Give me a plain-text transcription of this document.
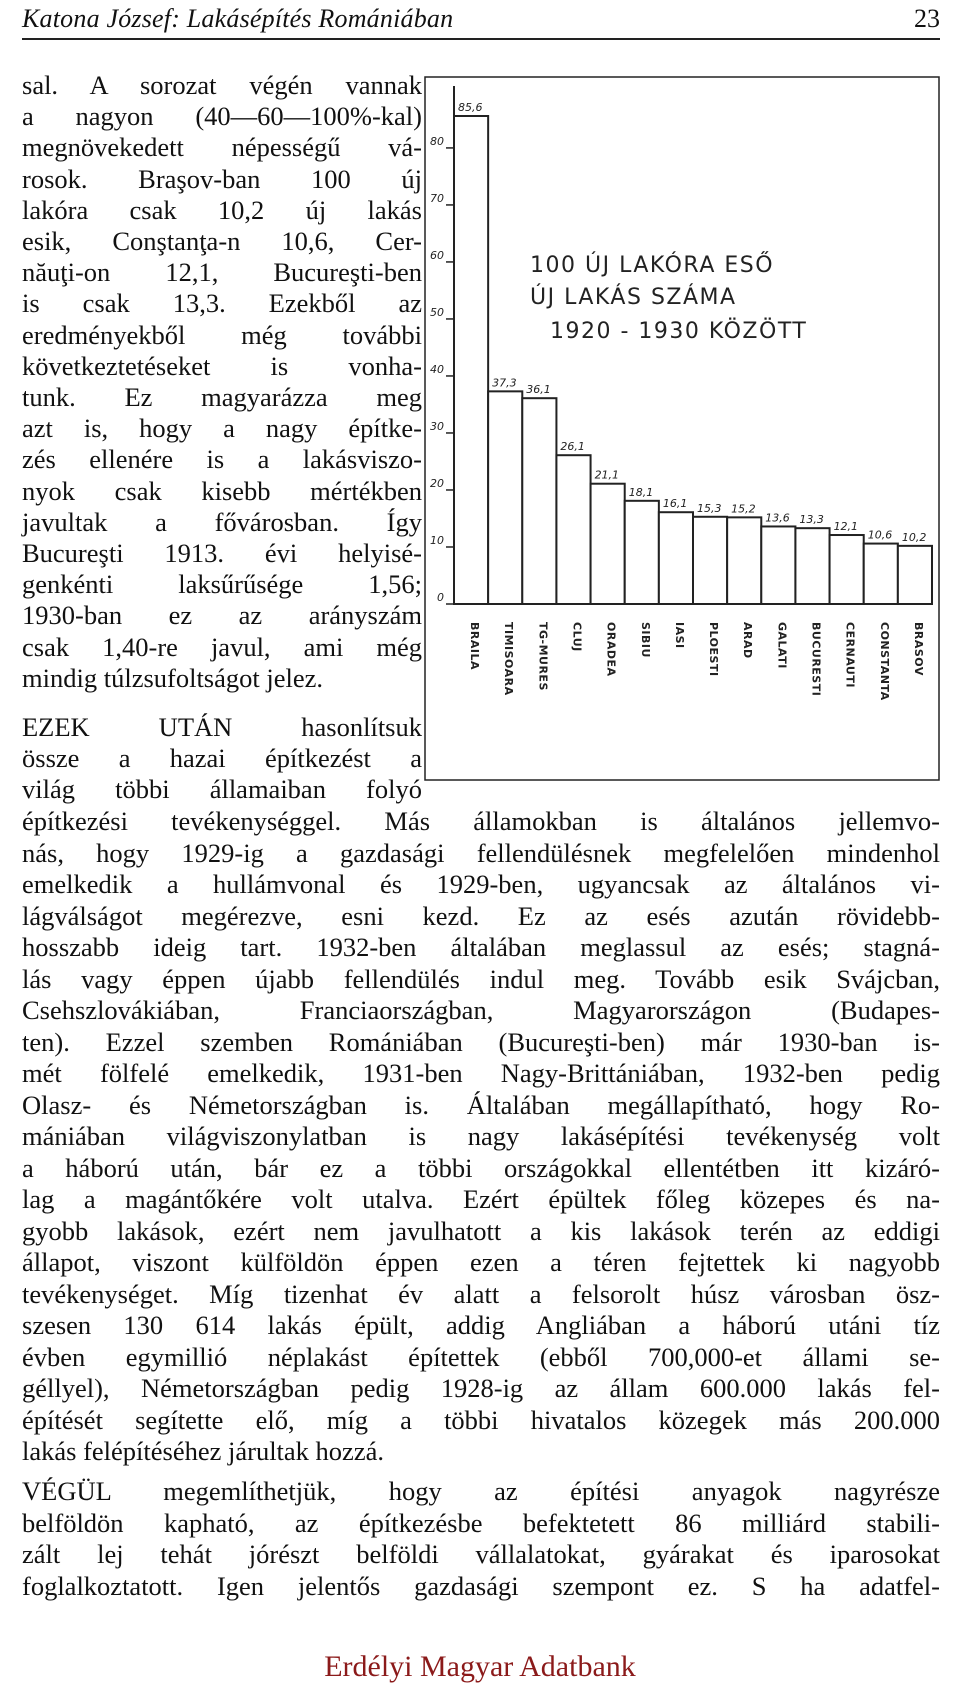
Katona József: Lakásépítés Romániában	23
sal. A sorozat végén vannak
a nagyon (40—60—100%-kal)
megnövekedett népességű vá-
rosok. Braşov-ban 100 új
lakóra csak 10,2 új lakás
esik, Conştanţa-n 10,6, Cer-
năuţi-on 12,1, Bucureşti-ben
is csak 13,3. Ezekből az
eredményekből még további
következtetéseket is vonha-
tunk. Ez magyarázza meg
azt is, hogy a nagy építke-
zés ellenére is a lakásviszo-
nyok csak kisebb mértékben
javultak a fővárosban. Így
Bucureşti 1913. évi helyisé-
genkénti laksűrűsége 1,56;
1930-ban ez az arányszám
csak 1,40-re javul, ami még
mindig túlzsufoltságot jelez.
EZEK UTÁN hasonlítsuk
össze a hazai építkezést a
világ többi államaiban folyó
0
10
20
30
40
50
60
70
80
85,6
BRAILA
37,3
TIMISOARA
36,1
TG-MURES
26,1
CLUJ
21,1
ORADEA
18,1
SIBIU
16,1
IASI
15,3
PLOESTI
15,2
ARAD
13,6
GALATI
13,3
BUCURESTI
12,1
CERNAUTI
10,6
CONSTANTA
10,2
BRASOV
100 ÚJ LAKÓRA ESŐ
ÚJ LAKÁS SZÁMA
1920 - 1930 KÖZÖTT
építkezési tevékenységgel. Más államokban is általános jellemvo-
nás, hogy 1929-ig a gazdasági fellendülésnek megfelelően mindenhol
emelkedik a hullámvonal és 1929-ben, ugyancsak az általános vi-
lágválságot megérezve, esni kezd. Ez az esés azután rövidebb-
hosszabb ideig tart. 1932-ben általában meglassul az esés; stagná-
lás vagy éppen újabb fellendülés indul meg. Tovább esik Svájcban,
Csehszlovákiában, Franciaországban, Magyarországon (Budapes-
ten). Ezzel szemben Romániában (Bucureşti-ben) már 1930-ban is-
mét fölfelé emelkedik, 1931-ben Nagy-Brittániában, 1932-ben pedig
Olasz- és Németországban is. Általában megállapítható, hogy Ro-
mániában világviszonylatban is nagy lakásépítési tevékenység volt
a háború után, bár ez a többi országokkal ellentétben itt kizáró-
lag a magántőkére volt utalva. Ezért épültek főleg közepes és na-
gyobb lakások, ezért nem javulhatott a kis lakások terén az eddigi
állapot, viszont külföldön éppen ezen a téren fejtettek ki nagyobb
tevékenységet. Míg tizenhat év alatt a felsorolt húsz városban ösz-
szesen 130 614 lakás épült, addig Angliában a háború utáni tíz
évben egymillió néplakást építettek (ebből 700,000-et állami se-
géllyel), Németországban pedig 1928-ig az állam 600.000 lakás fel-
építését segítette elő, míg a többi hivatalos közegek más 200.000
lakás felépítéséhez járultak hozzá.
VÉGÜL megemlíthetjük, hogy az építési anyagok nagyrésze
belföldön kapható, az építkezésbe befektetett 86 milliárd stabili-
zált lej tehát jórészt belföldi vállalatokat, gyárakat és iparosokat
foglalkoztatott. Igen jelentős gazdasági szempont ez. S ha adatfel-
Erdélyi Magyar Adatbank
